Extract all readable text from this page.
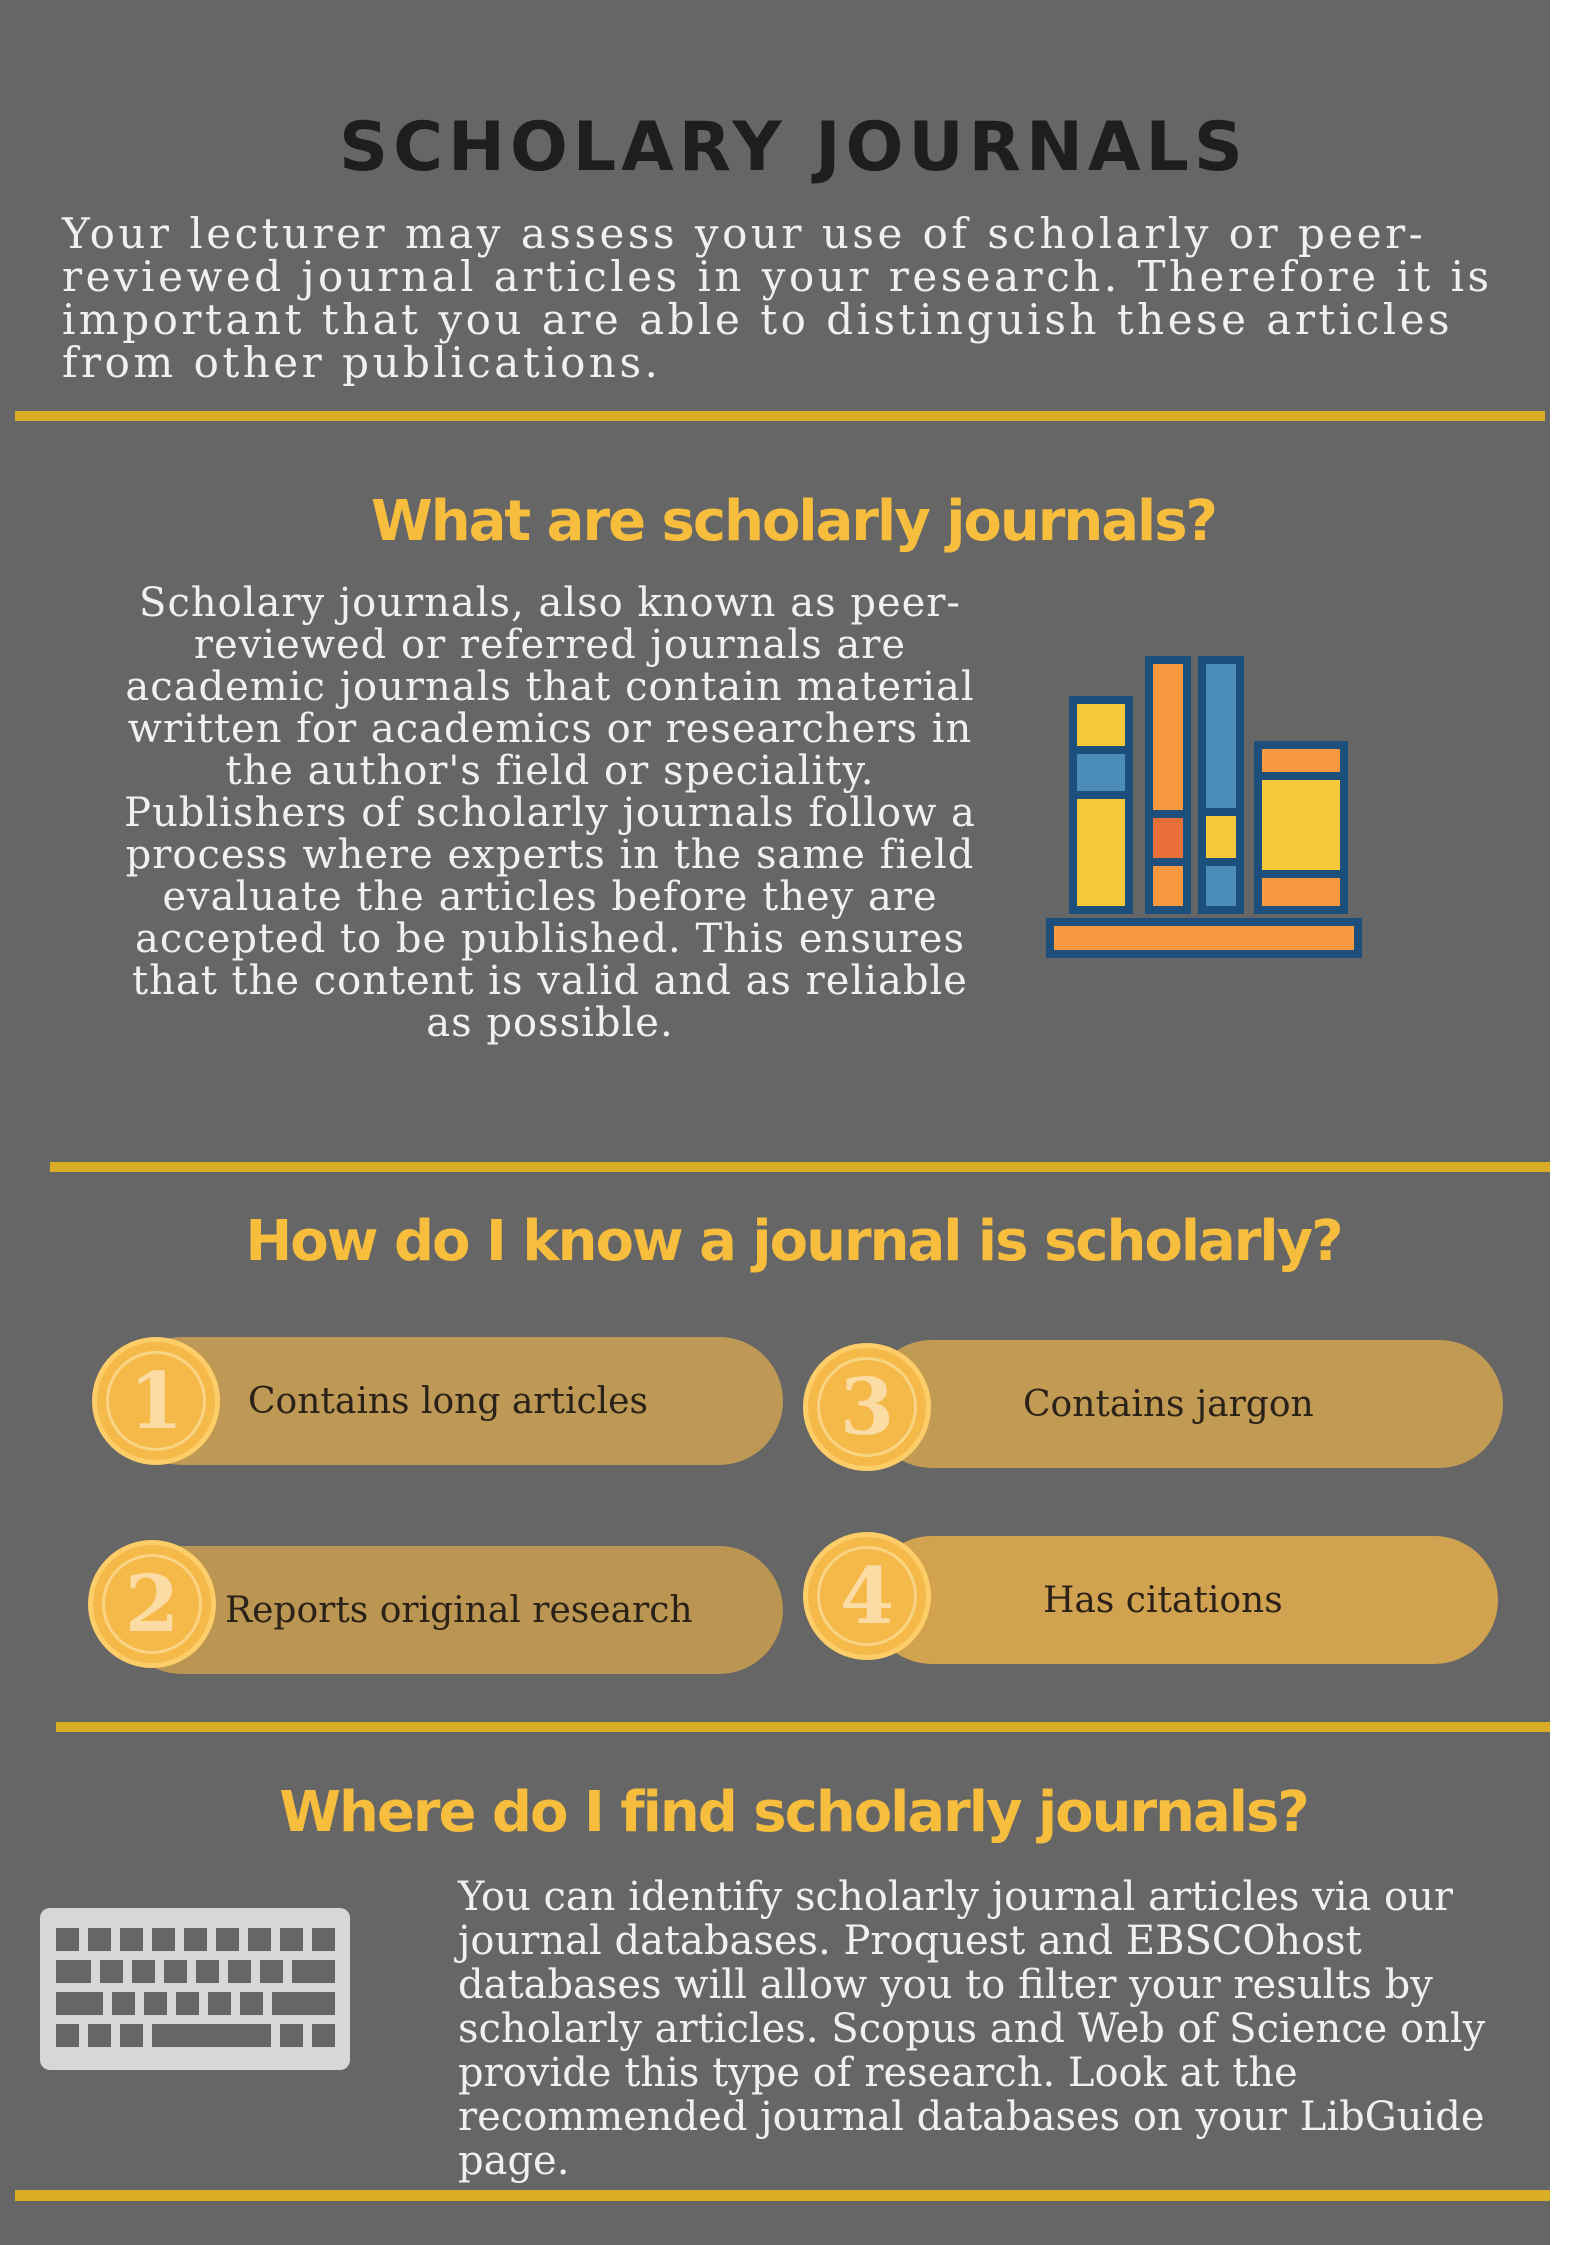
SCHOLARY JOURNALS

Your lecturer may assess your use of scholarly or peer-reviewed journal articles in your research. Therefore it is important that you are able to distinguish these articles from other publications.

What are scholarly journals?

Scholary journals, also known as peer-reviewed or referred journals are academic journals that contain material written for academics or researchers in the author's field or speciality. Publishers of scholarly journals follow a process where experts in the same field evaluate the articles before they are accepted to be published. This ensures that the content is valid and as reliable as possible.

How do I know a journal is scholarly?
Contains long articles
1
Reports original research
2
Contains jargon
3
Has citations
4
Where do I find scholarly journals?

You can identify scholarly journal articles via our journal databases. Proquest and EBSCOhost databases will allow you to filter your results by scholarly articles. Scopus and Web of Science only provide this type of research. Look at the recommended journal databases on your LibGuide page.
